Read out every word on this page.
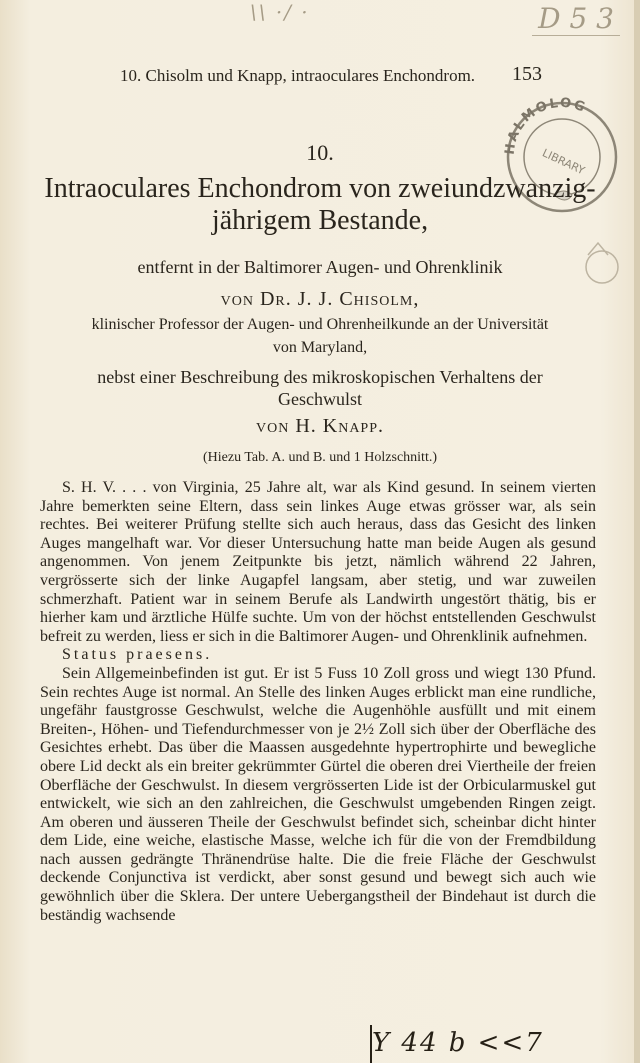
\\ ·/ ·	D 5 3
10. Chisolm und Knapp, intraoculares Enchondrom.	153
HALMOLOG
LIBRARY
10.
Intraoculares Enchondrom von zweiundzwanzig-
jährigem Bestande,
entfernt in der Baltimorer Augen- und Ohrenklinik
von Dr. J. J. Chisolm,
klinischer Professor der Augen- und Ohrenheilkunde an der Universität
von Maryland,
nebst einer Beschreibung des mikroskopischen Verhaltens der
Geschwulst
von H. Knapp.
(Hiezu Tab. A. und B. und 1 Holzschnitt.)

S. H. V. . . . von Virginia, 25 Jahre alt, war als Kind gesund. In seinem vierten Jahre bemerkten seine Eltern, dass sein linkes Auge etwas grösser war, als sein rechtes. Bei weiterer Prüfung stellte sich auch heraus, dass das Gesicht des linken Auges mangelhaft war. Vor dieser Untersuchung hatte man beide Augen als gesund angenommen. Von jenem Zeitpunkte bis jetzt, nämlich während 22 Jahren, vergrösserte sich der linke Augapfel langsam, aber stetig, und war zuweilen schmerzhaft. Patient war in seinem Berufe als Landwirth ungestört thätig, bis er hierher kam und ärztliche Hülfe suchte. Um von der höchst entstellenden Geschwulst befreit zu werden, liess er sich in die Baltimorer Augen- und Ohrenklinik aufnehmen.

Status praesens.

Sein Allgemeinbefinden ist gut. Er ist 5 Fuss 10 Zoll gross und wiegt 130 Pfund. Sein rechtes Auge ist normal. An Stelle des linken Auges erblickt man eine rundliche, ungefähr faustgrosse Geschwulst, welche die Augenhöhle ausfüllt und mit einem Breiten-, Höhen- und Tiefendurchmesser von je 2½ Zoll sich über der Oberfläche des Gesichtes erhebt. Das über die Maassen ausgedehnte hypertrophirte und bewegliche obere Lid deckt als ein breiter gekrümmter Gürtel die oberen drei Viertheile der freien Oberfläche der Geschwulst. In diesem vergrösserten Lide ist der Orbicularmuskel gut entwickelt, wie sich an den zahlreichen, die Geschwulst umgebenden Ringen zeigt. Am oberen und äusseren Theile der Geschwulst befindet sich, scheinbar dicht hinter dem Lide, eine weiche, elastische Masse, welche ich für die von der Fremdbildung nach aussen gedrängte Thränendrüse halte. Die die freie Fläche der Geschwulst deckende Conjunctiva ist verdickt, aber sonst gesund und bewegt sich auch wie gewöhnlich über die Sklera. Der untere Uebergangstheil der Bindehaut ist durch die beständig wachsende

Y 44 b <<7
